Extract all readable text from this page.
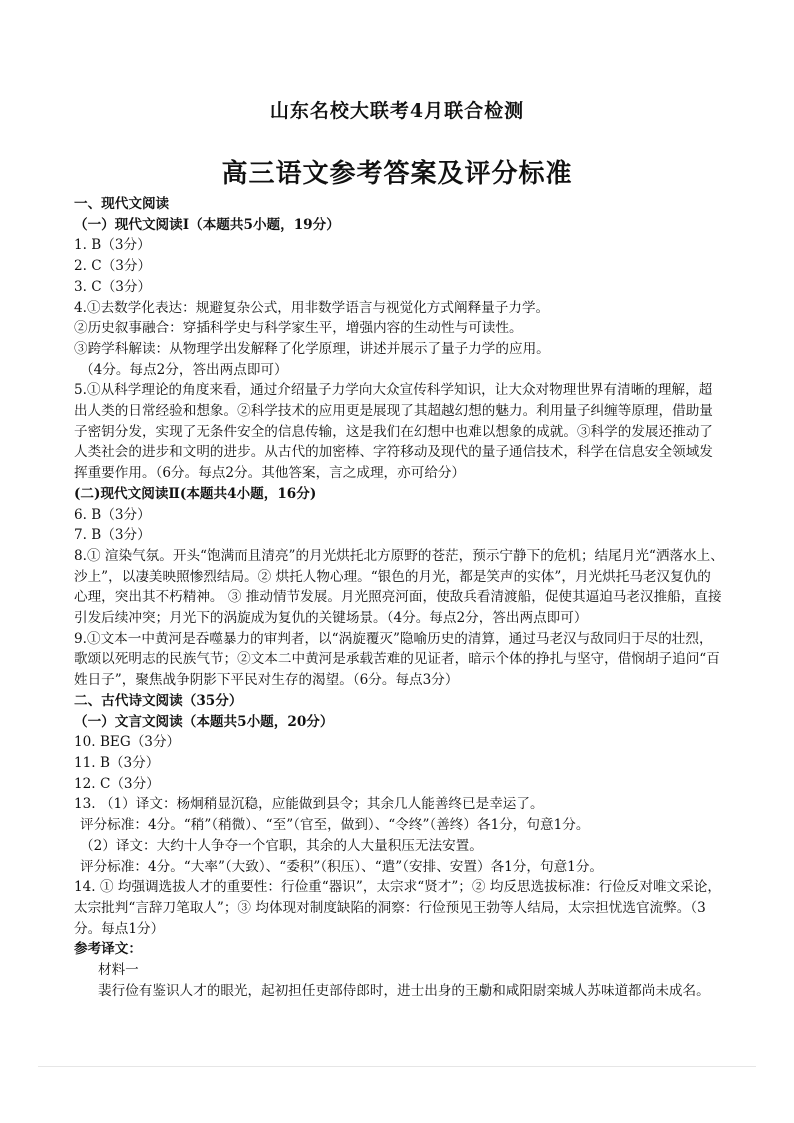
山东名校大联考4月联合检测
高三语文参考答案及评分标准

一、现代文阅读

（一）现代文阅读Ⅰ（本题共5小题，19分）

1. B（3分）

2. C（3分）

3. C（3分）

4.①去数学化表达：规避复杂公式，用非数学语言与视觉化方式阐释量子力学。

②历史叙事融合：穿插科学史与科学家生平，增强内容的生动性与可读性。

③跨学科解读：从物理学出发解释了化学原理，讲述并展示了量子力学的应用。

（4分。每点2分，答出两点即可）

5.①从科学理论的角度来看，通过介绍量子力学向大众宣传科学知识，让大众对物理世界有清晰的理解，超出人类的日常经验和想象。②科学技术的应用更是展现了其超越幻想的魅力。利用量子纠缠等原理，借助量子密钥分发，实现了无条件安全的信息传输，这是我们在幻想中也难以想象的成就。③科学的发展还推动了人类社会的进步和文明的进步。从古代的加密棒、字符移动及现代的量子通信技术，科学在信息安全领域发挥重要作用。（6分。每点2分。其他答案，言之成理，亦可给分）

(二)现代文阅读Ⅱ(本题共4小题，16分)

6. B（3分）

7. B（3分）

8.① 渲染气氛。开头“饱满而且清亮”的月光烘托北方原野的苍茫，预示宁静下的危机；结尾月光“洒落水上、沙上”，以凄美映照惨烈结局。② 烘托人物心理。“银色的月光，都是笑声的实体”，月光烘托马老汉复仇的心理，突出其不朽精神。 ③ 推动情节发展。月光照亮河面，使敌兵看清渡船，促使其逼迫马老汉推船，直接引发后续冲突；月光下的涡旋成为复仇的关键场景。（4分。每点2分，答出两点即可）

9.①文本一中黄河是吞噬暴力的审判者，以“涡旋覆灭”隐喻历史的清算，通过马老汉与敌同归于尽的壮烈，歌颂以死明志的民族气节；②文本二中黄河是承载苦难的见证者，暗示个体的挣扎与坚守，借悯胡子追问“百姓日子”，聚焦战争阴影下平民对生存的渴望。（6分。每点3分）

二、古代诗文阅读（35分）

（一）文言文阅读（本题共5小题，20分）

10. BEG（3分）

11. B（3分）

12. C（3分）

13. （1）译文：杨炯稍显沉稳，应能做到县令；其余几人能善终已是幸运了。

评分标准：4分。“稍”（稍微）、“至”（官至，做到）、“令终”（善终）各1分，句意1分。

（2）译文：大约十人争夺一个官职，其余的人大量积压无法安置。

评分标准：4分。“大率”（大致）、“委积”（积压）、“遣”（安排、安置）各1分，句意1分。

14. ① 均强调选拔人才的重要性：行俭重“器识”，太宗求“贤才”；② 均反思选拔标准：行俭反对唯文采论，太宗批判“言辞刀笔取人”；③ 均体现对制度缺陷的洞察：行俭预见王勃等人结局，太宗担忧选官流弊。（3分。每点1分）

参考译文：

材料一

裴行俭有鉴识人才的眼光，起初担任吏部侍郎时，进士出身的王勮和咸阳尉栾城人苏味道都尚未成名。
